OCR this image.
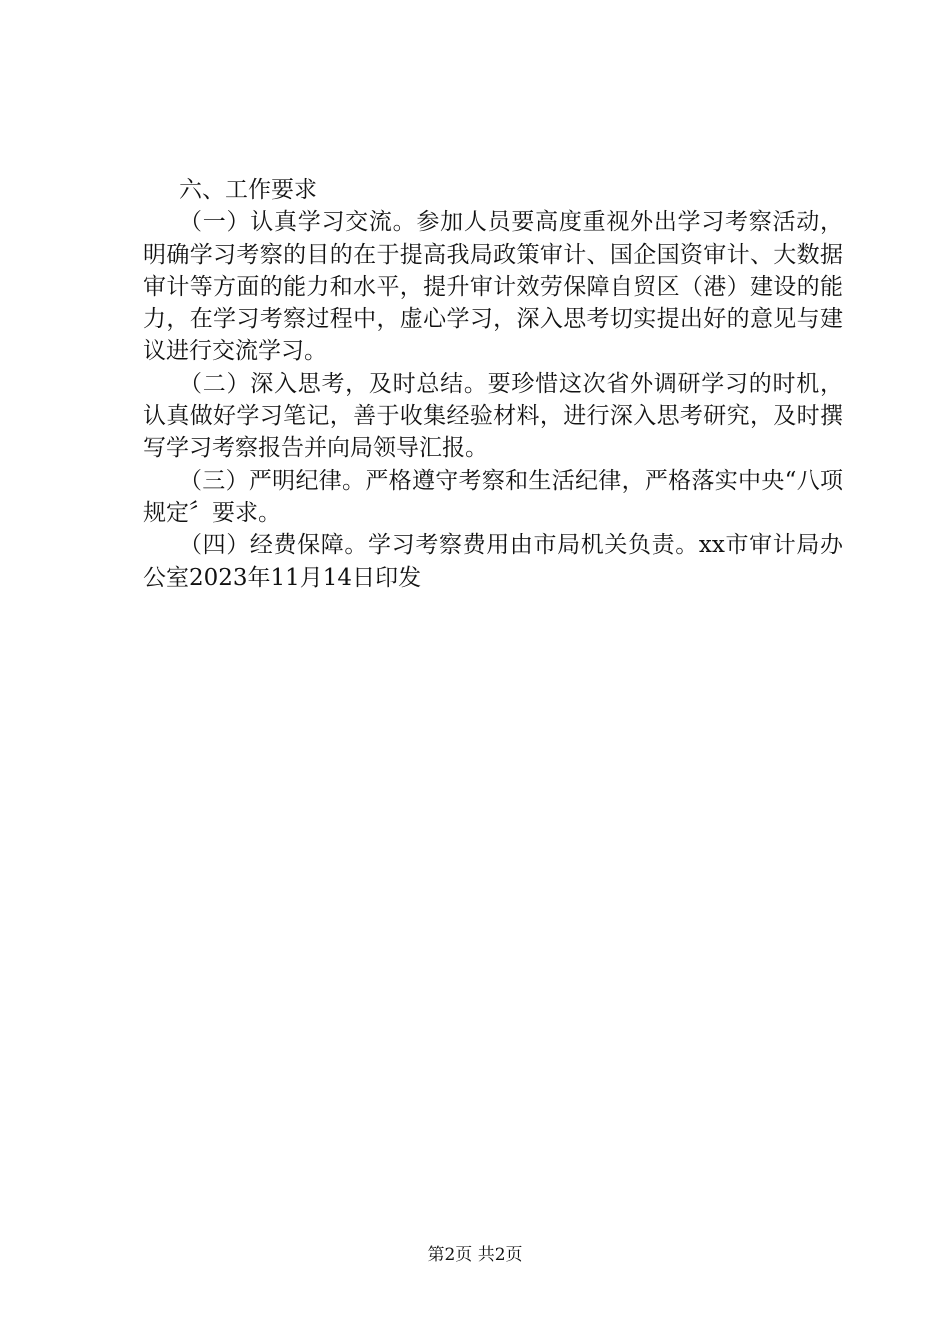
六、工作要求

（一）认真学习交流。参加人员要高度重视外出学习考察活动，明确学习考察的目的在于提高我局政策审计、国企国资审计、大数据审计等方面的能力和水平，提升审计效劳保障自贸区（港）建设的能力，在学习考察过程中，虚心学习，深入思考切实提出好的意见与建议进行交流学习。

（二）深入思考，及时总结。要珍惜这次省外调研学习的时机，认真做好学习笔记，善于收集经验材料，进行深入思考研究，及时撰写学习考察报告并向局领导汇报。

（三）严明纪律。严格遵守考察和生活纪律，严格落实中央“八项规定〞要求。

（四）经费保障。学习考察费用由市局机关负责。xx市审计局办公室2023年11月14日印发

第2页 共2页
